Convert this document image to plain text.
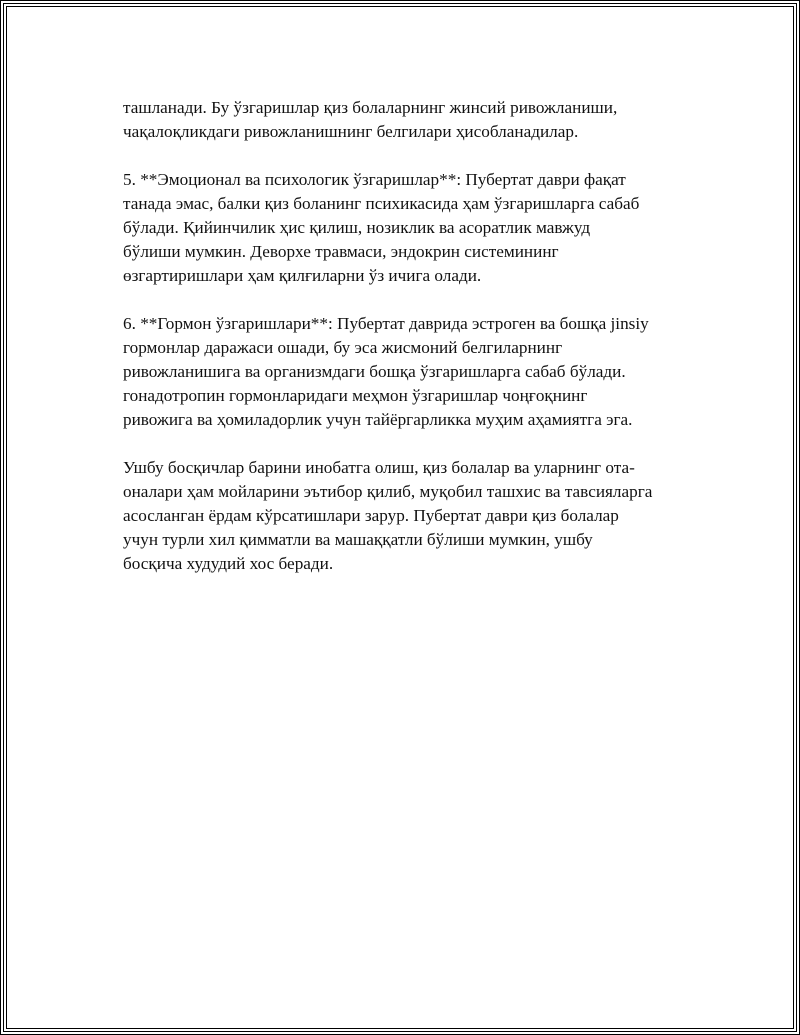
ташланади. Бу ўзгаришлар қиз болаларнинг жинсий ривожланиши,
чақалоқликдаги ривожланишнинг белгилари ҳисобланадилар.
5. **Эмоционал ва психологик ўзгаришлар**: Пубертат даври фақат
танада эмас, балки қиз боланинг психикасида ҳам ўзгаришларга сабаб
бўлади. Қийинчилик ҳис қилиш, нозиклик ва асоратлик мавжуд
бўлиши мумкин. Деворхе травмаси, эндокрин системининг
өзгартиришлари ҳам қилғиларни ўз ичига олади.
6. **Гормон ўзгаришлари**: Пубертат даврида эстроген ва бошқа jinsiy
гормонлар даражаси ошади, бу эса жисмоний белгиларнинг
ривожланишига ва организмдаги бошқа ўзгаришларга сабаб бўлади.
гонадотропин гормонларидаги меҳмон ўзгаришлар чоңғоқнинг
ривожига ва ҳомиладорлик учун тайёргарликка муҳим аҳамиятга эга.
Ушбу босқичлар барини инобатга олиш, қиз болалар ва уларнинг ота-
оналари ҳам мойларини эътибор қилиб, муқобил ташхис ва тавсияларга
асосланган ёрдам кўрсатишлари зарур. Пубертат даври қиз болалар
учун турли хил қимматли ва машаққатли бўлиши мумкин, ушбу
босқича худудий хос беради.
